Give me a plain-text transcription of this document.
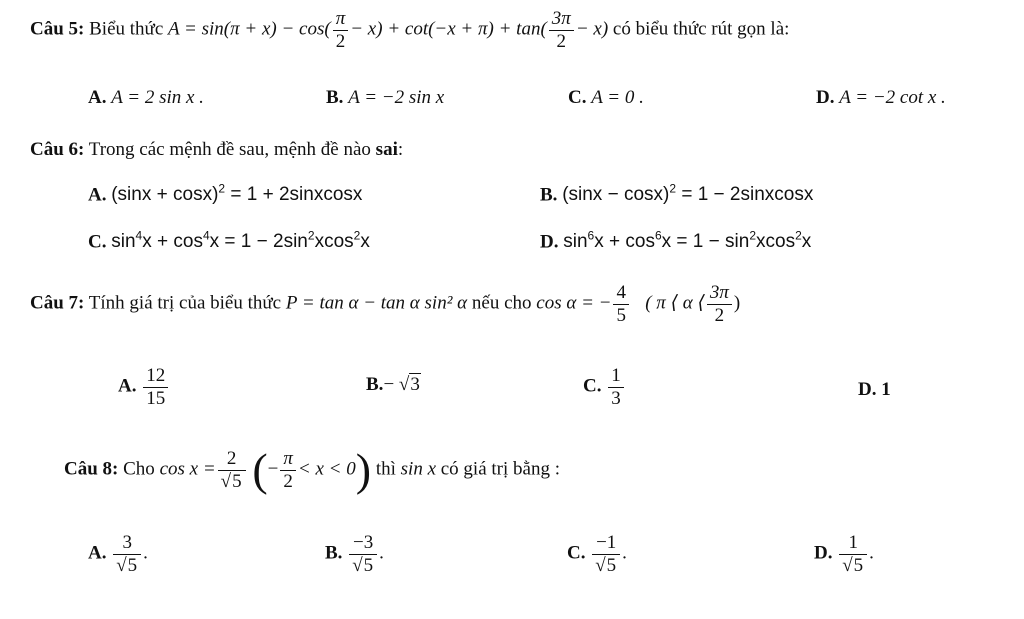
Câu 5: Biểu thức $A = \sin(\pi + x) - \cos( \frac{\pi}{2} - x) + \cot(-x + \pi) + \tan( \frac{3\pi}{2} - x)$ có biểu thức rút gọn là:
A. A = 2 sin x .	B. A = −2 sin x	C. A = 0 .	D. A = −2 cot x .
Câu 6: Trong các mệnh đề sau, mệnh đề nào sai:
A. $(\sin x + \cos x)^2 = 1$ + 2sinxcosx	B. $(\sin x - \cos x)^2 = 1$ − 2sinxcosx
C. $\sin^4x + \cos^4x = 1 - 2\sin^2xcos^2x$	D. $\sin^6x + \cos^6x = 1 - \sin^2xcos^2x$
Câu 7: Tính giá trị của biểu thức P = tan α − tan α sin² α nếu cho cos α = − $\frac{4}{5}$ ( π ⟨ α ⟨ $\frac{3\pi}{2}$ )
A. $\frac{12}{15}$	B.− √3	C. $\frac{1}{3}$	D. 1
Câu 8: Cho $\cos x = \frac{2}{√5}$ (− $\frac{\pi}{2} < x < 0$) thì sin x có giá trị bằng :
A. $\frac{3}{√5}$ .	B. $\frac{-3}{√5}$ .	C. $\frac{-1}{√5}$ .	D. $\frac{1}{√5}$ .
